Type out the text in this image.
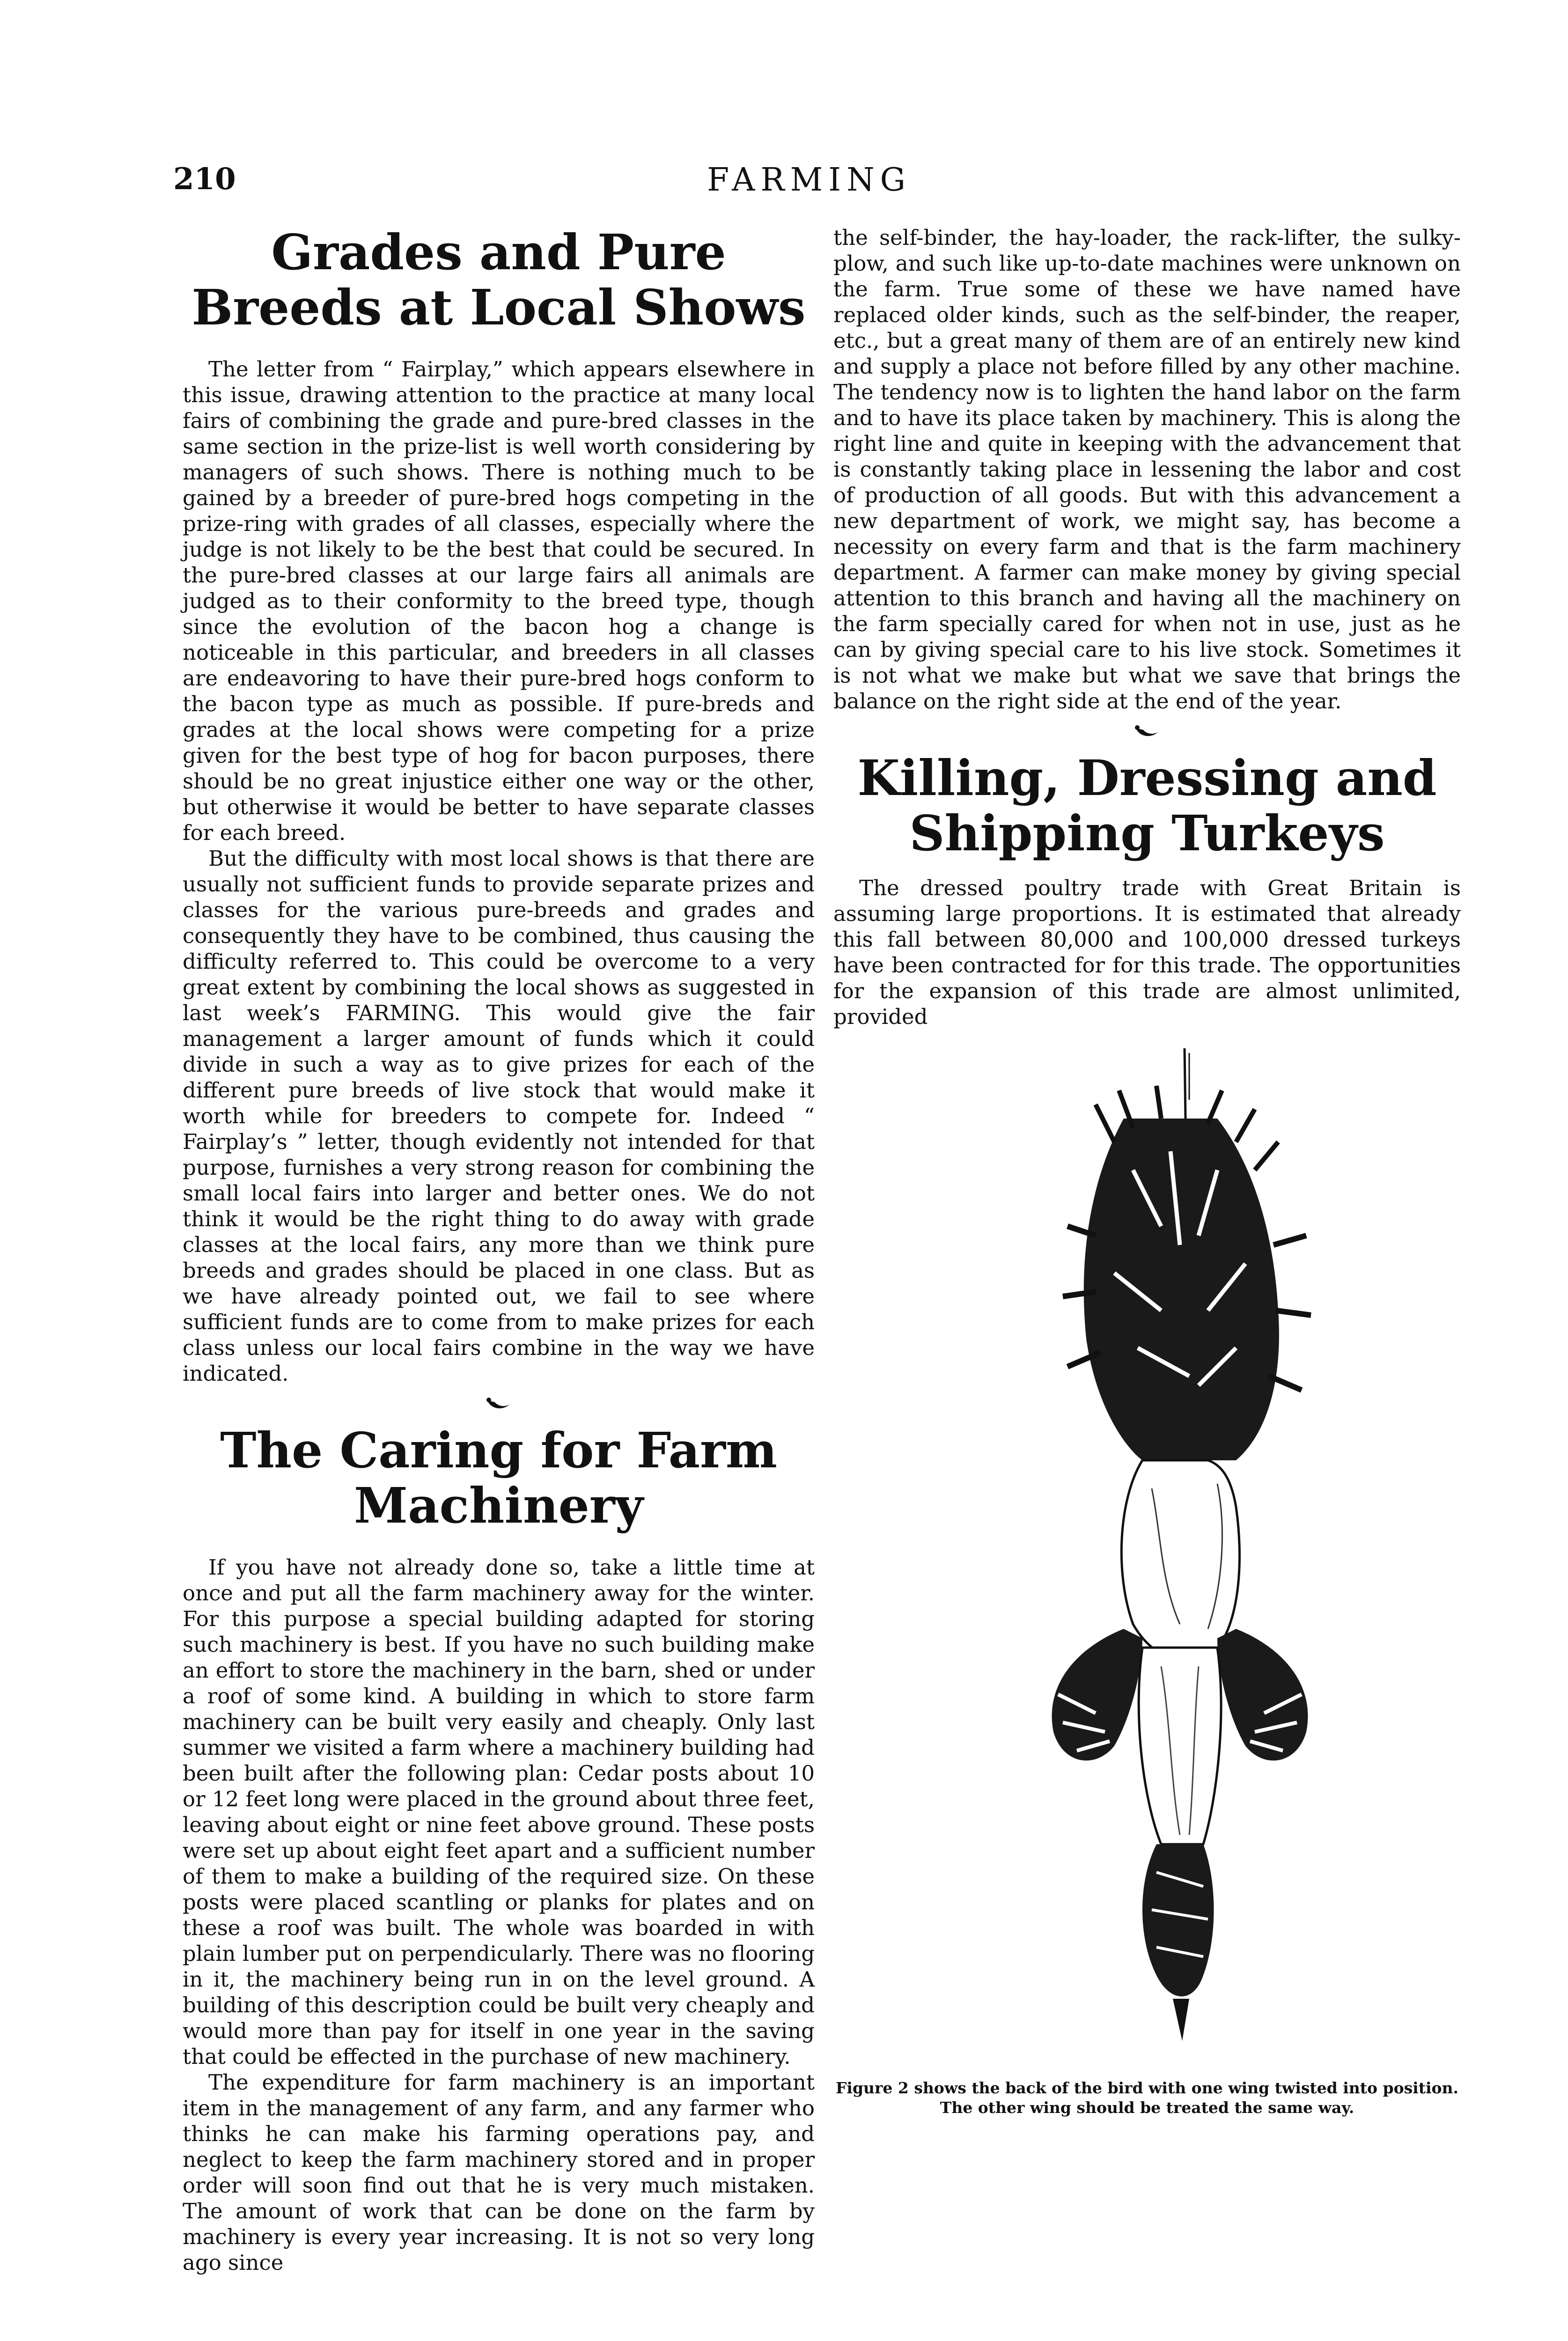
210	FARMING
Grades and Pure Breeds at Local Shows

The letter from “ Fairplay,” which appears elsewhere in this issue, drawing attention to the practice at many local fairs of combining the grade and pure-bred classes in the same section in the prize-list is well worth considering by managers of such shows. There is nothing much to be gained by a breeder of pure-bred hogs competing in the prize-ring with grades of all classes, especially where the judge is not likely to be the best that could be secured. In the pure-bred classes at our large fairs all animals are judged as to their conformity to the breed type, though since the evolution of the bacon hog a change is noticeable in this particular, and breeders in all classes are endeavoring to have their pure-bred hogs conform to the bacon type as much as possible. If pure-breds and grades at the local shows were competing for a prize given for the best type of hog for bacon purposes, there should be no great injustice either one way or the other, but otherwise it would be better to have separate classes for each breed.

But the difficulty with most local shows is that there are usually not sufficient funds to provide separate prizes and classes for the various pure-breeds and grades and consequently they have to be combined, thus causing the difficulty referred to. This could be overcome to a very great extent by combining the local shows as suggested in last week’s FARMING. This would give the fair management a larger amount of funds which it could divide in such a way as to give prizes for each of the different pure breeds of live stock that would make it worth while for breeders to compete for. Indeed “ Fairplay’s ” letter, though evidently not intended for that purpose, furnishes a very strong reason for combining the small local fairs into larger and better ones. We do not think it would be the right thing to do away with grade classes at the local fairs, any more than we think pure breeds and grades should be placed in one class. But as we have already pointed out, we fail to see where sufficient funds are to come from to make prizes for each class unless our local fairs combine in the way we have indicated.

The Caring for Farm Machinery

If you have not already done so, take a little time at once and put all the farm machinery away for the winter. For this purpose a special building adapted for storing such machinery is best. If you have no such building make an effort to store the machinery in the barn, shed or under a roof of some kind. A building in which to store farm machinery can be built very easily and cheaply. Only last summer we visited a farm where a machinery building had been built after the following plan: Cedar posts about 10 or 12 feet long were placed in the ground about three feet, leaving about eight or nine feet above ground. These posts were set up about eight feet apart and a sufficient number of them to make a building of the required size. On these posts were placed scantling or planks for plates and on these a roof was built. The whole was boarded in with plain lumber put on perpendicularly. There was no flooring in it, the machinery being run in on the level ground. A building of this description could be built very cheaply and would more than pay for itself in one year in the saving that could be effected in the purchase of new machinery.

The expenditure for farm machinery is an important item in the management of any farm, and any farmer who thinks he can make his farming operations pay, and neglect to keep the farm machinery stored and in proper order will soon find out that he is very much mistaken. The amount of work that can be done on the farm by machinery is every year increasing. It is not so very long ago since

the self-binder, the hay-loader, the rack-lifter, the sulky-plow, and such like up-to-date machines were unknown on the farm. True some of these we have named have replaced older kinds, such as the self-binder, the reaper, etc., but a great many of them are of an entirely new kind and supply a place not before filled by any other machine. The tendency now is to lighten the hand labor on the farm and to have its place taken by machinery. This is along the right line and quite in keeping with the advancement that is constantly taking place in lessening the labor and cost of production of all goods. But with this advancement a new department of work, we might say, has become a necessity on every farm and that is the farm machinery department. A farmer can make money by giving special attention to this branch and having all the machinery on the farm specially cared for when not in use, just as he can by giving special care to his live stock. Sometimes it is not what we make but what we save that brings the balance on the right side at the end of the year.

Killing, Dressing and Shipping Turkeys

The dressed poultry trade with Great Britain is assuming large proportions. It is estimated that already this fall between 80,000 and 100,000 dressed turkeys have been contracted for for this trade. The opportunities for the expansion of this trade are almost unlimited, provided

Figure 2 shows the back of the bird with one wing twisted into position. The other wing should be treated the same way.
